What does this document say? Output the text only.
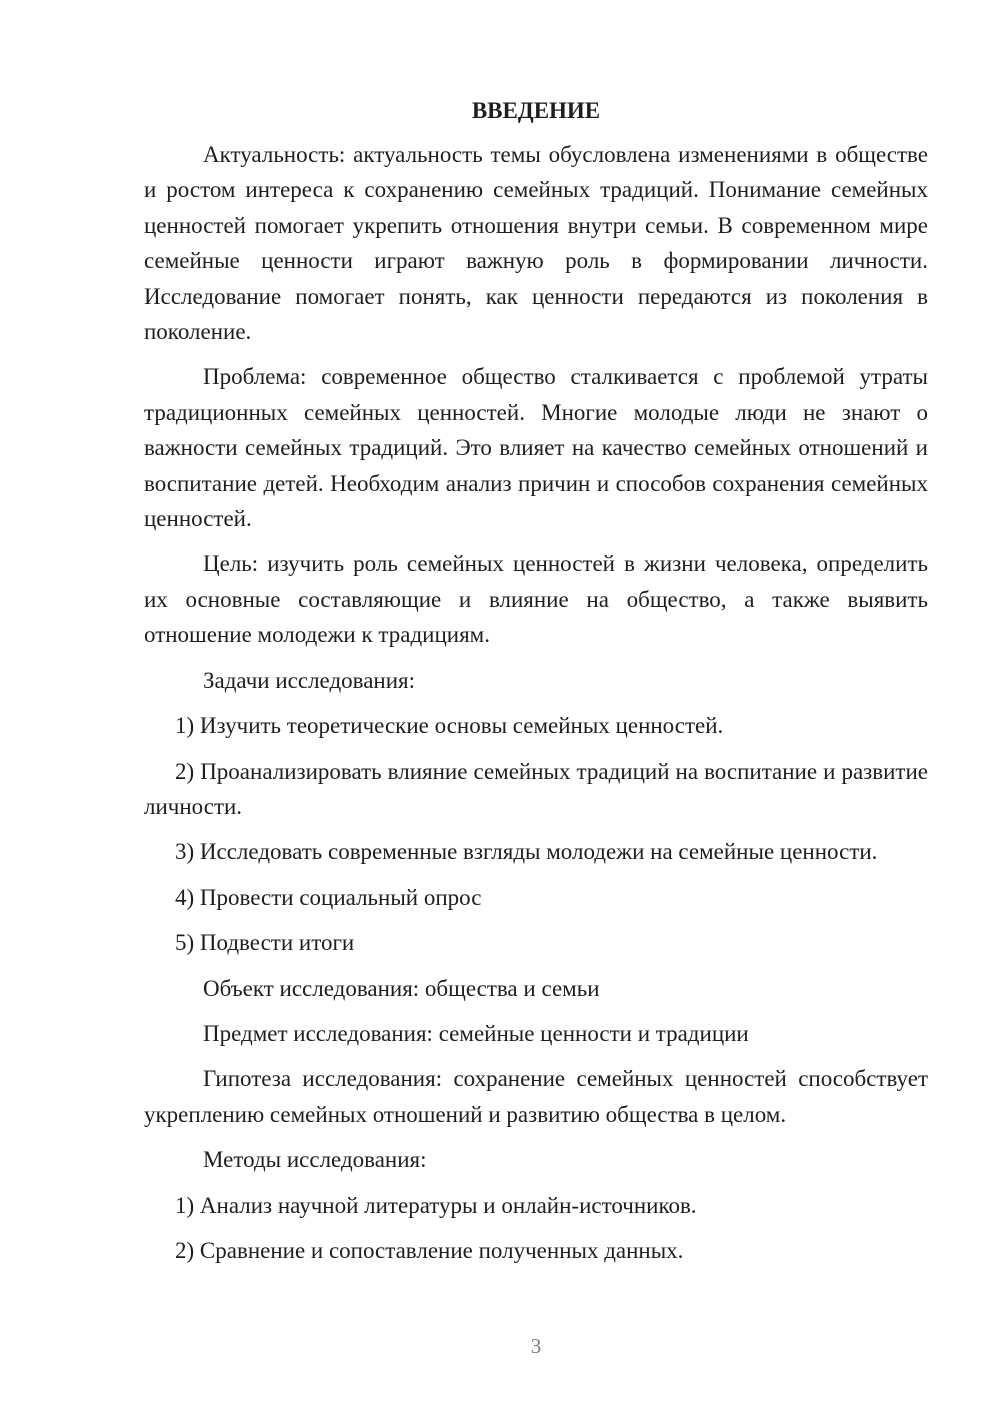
ВВЕДЕНИЕ

Актуальность: актуальность темы обусловлена изменениями в обществе и ростом интереса к сохранению семейных традиций. Понимание семейных ценностей помогает укрепить отношения внутри семьи. В современном мире семейные ценности играют важную роль в формировании личности. Исследование помогает понять, как ценности передаются из поколения в поколение.

Проблема: современное общество сталкивается с проблемой утраты традиционных семейных ценностей. Многие молодые люди не знают о важности семейных традиций. Это влияет на качество семейных отношений и воспитание детей. Необходим анализ причин и способов сохранения семейных ценностей.

Цель: изучить роль семейных ценностей в жизни человека, определить их основные составляющие и влияние на общество, а также выявить отношение молодежи к традициям.

Задачи исследования:

1) Изучить теоретические основы семейных ценностей.

2) Проанализировать влияние семейных традиций на воспитание и развитие личности.

3) Исследовать современные взгляды молодежи на семейные ценности.

4) Провести социальный опрос

5) Подвести итоги

Объект исследования: общества и семьи

Предмет исследования: семейные ценности и традиции

Гипотеза исследования: сохранение семейных ценностей способствует укреплению семейных отношений и развитию общества в целом.

Методы исследования:

1) Анализ научной литературы и онлайн-источников.

2) Сравнение и сопоставление полученных данных.

3
